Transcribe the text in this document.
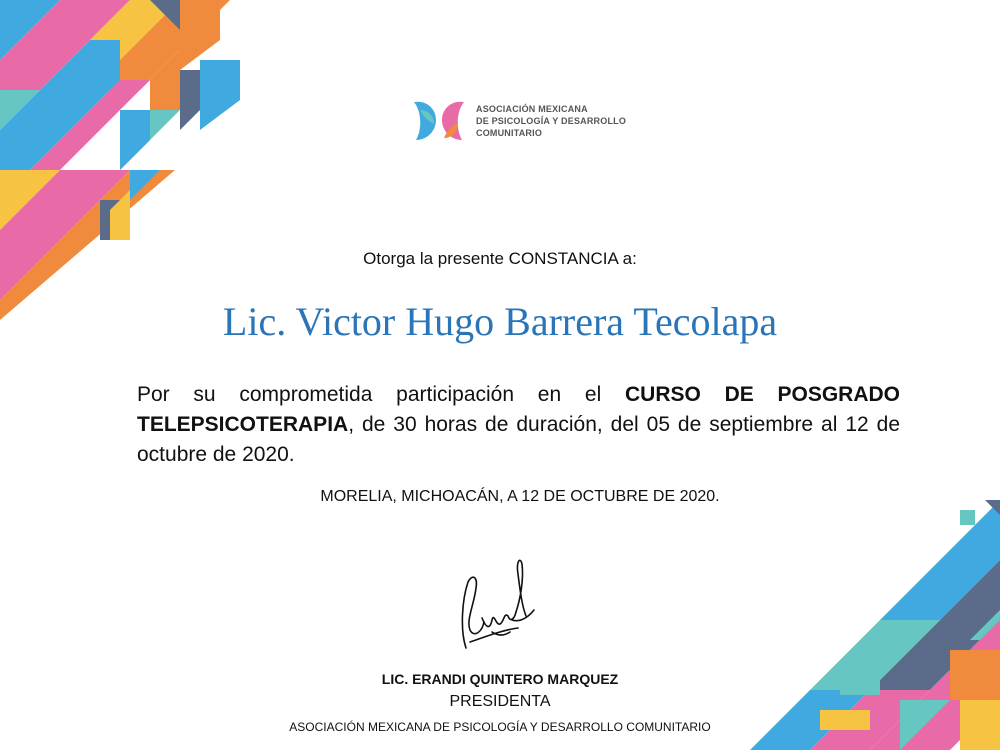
ASOCIACIÓN MEXICANA
DE PSICOLOGÍA Y DESARROLLO
COMUNITARIO
Otorga la presente CONSTANCIA a:
Lic. Victor Hugo Barrera Tecolapa
Por su comprometida participación en el CURSO DE POSGRADO TELEPSICOTERAPIA, de 30 horas de duración, del 05 de septiembre al 12 de octubre de 2020.
MORELIA, MICHOACÁN, A 12 DE OCTUBRE DE 2020.
LIC. ERANDI QUINTERO MARQUEZ
PRESIDENTA
ASOCIACIÓN MEXICANA DE PSICOLOGÍA Y DESARROLLO COMUNITARIO
